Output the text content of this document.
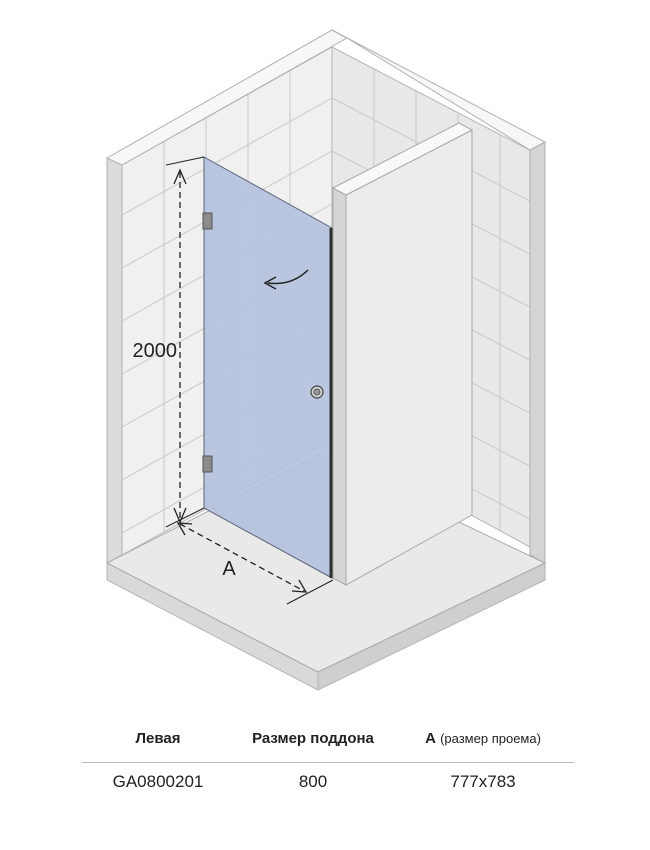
2000
A
Левая	Размер поддона	А (размер проема)
GA0800201	800	777x783
